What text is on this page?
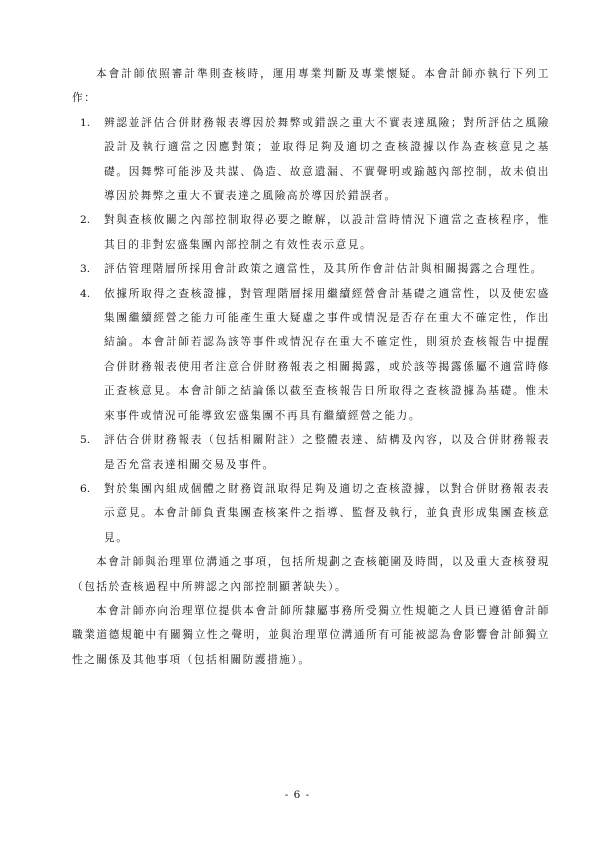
本會計師依照審計準則查核時，運用專業判斷及專業懷疑。本會計師亦執行下列工作：

1. 辨認並評估合併財務報表導因於舞弊或錯誤之重大不實表達風險；對所評估之風險設計及執行適當之因應對策；並取得足夠及適切之查核證據以作為查核意見之基礎。因舞弊可能涉及共謀、偽造、故意遺漏、不實聲明或踰越內部控制，故未偵出導因於舞弊之重大不實表達之風險高於導因於錯誤者。
2. 對與查核攸關之內部控制取得必要之瞭解，以設計當時情況下適當之查核程序，惟其目的非對宏盛集團內部控制之有效性表示意見。
3. 評估管理階層所採用會計政策之適當性，及其所作會計估計與相關揭露之合理性。
4. 依據所取得之查核證據，對管理階層採用繼續經營會計基礎之適當性，以及使宏盛集團繼續經營之能力可能產生重大疑慮之事件或情況是否存在重大不確定性，作出結論。本會計師若認為該等事件或情況存在重大不確定性，則須於查核報告中提醒合併財務報表使用者注意合併財務報表之相關揭露，或於該等揭露係屬不適當時修正查核意見。本會計師之結論係以截至查核報告日所取得之查核證據為基礎。惟未來事件或情況可能導致宏盛集團不再具有繼續經營之能力。
5. 評估合併財務報表（包括相關附註）之整體表達、結構及內容，以及合併財務報表是否允當表達相關交易及事件。
6. 對於集團內組成個體之財務資訊取得足夠及適切之查核證據，以對合併財務報表表示意見。本會計師負責集團查核案件之指導、監督及執行，並負責形成集團查核意見。

本會計師與治理單位溝通之事項，包括所規劃之查核範圍及時間，以及重大查核發現（包括於查核過程中所辨認之內部控制顯著缺失）。

本會計師亦向治理單位提供本會計師所隸屬事務所受獨立性規範之人員已遵循會計師職業道德規範中有關獨立性之聲明，並與治理單位溝通所有可能被認為會影響會計師獨立性之關係及其他事項（包括相關防護措施）。

- 6 -
